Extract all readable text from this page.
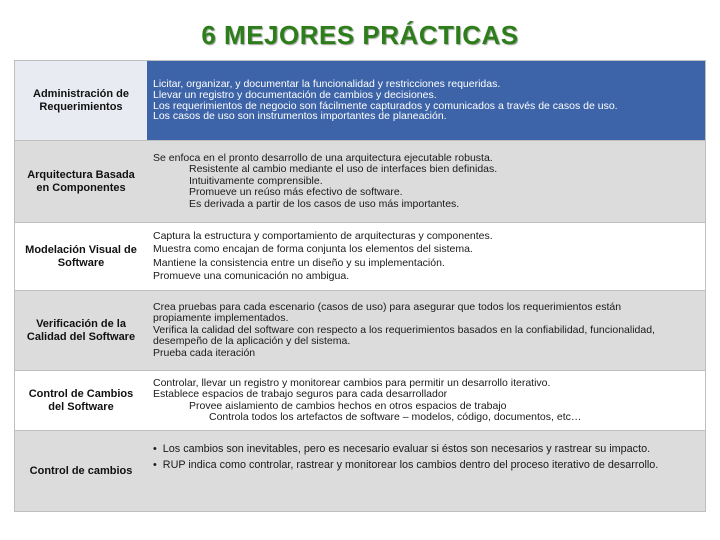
6 MEJORES PRÁCTICAS
Administración de Requerimientos
Licitar, organizar, y documentar la funcionalidad y restricciones requeridas.
Llevar un registro y documentación de cambios y decisiones.
Los requerimientos de negocio son fácilmente capturados y comunicados a través de casos de uso.
Los casos de uso son instrumentos importantes de planeación.
Arquitectura Basada en Componentes
Se enfoca en el pronto desarrollo de una arquitectura ejecutable robusta.
Resistente al cambio mediante el uso de interfaces bien definidas.
Intuitivamente comprensible.
Promueve un reúso más efectivo de software.
Es derivada a partir de los casos de uso más importantes.
Modelación Visual de Software
Captura la estructura y comportamiento de arquitecturas y componentes.
Muestra como encajan de forma conjunta los elementos del sistema.
Mantiene la consistencia entre un diseño y su implementación.
Promueve una comunicación no ambigua.
Verificación de la Calidad del Software
Crea pruebas para cada escenario (casos de uso) para asegurar que todos los requerimientos están
propiamente implementados.
Verifica la calidad del software con respecto a los requerimientos basados en la confiabilidad, funcionalidad,
desempeño de la aplicación y del sistema.
Prueba cada iteración
Control de Cambios del Software
Controlar, llevar un registro y monitorear cambios para permitir un desarrollo iterativo.
Establece espacios de trabajo seguros para cada desarrollador
Provee aislamiento de cambios hechos en otros espacios de trabajo
Controla todos los artefactos de software – modelos, código, documentos, etc…
Control de cambios
• Los cambios son inevitables, pero es necesario evaluar si éstos son necesarios y rastrear su impacto.
• RUP indica como controlar, rastrear y monitorear los cambios dentro del proceso iterativo de desarrollo.
